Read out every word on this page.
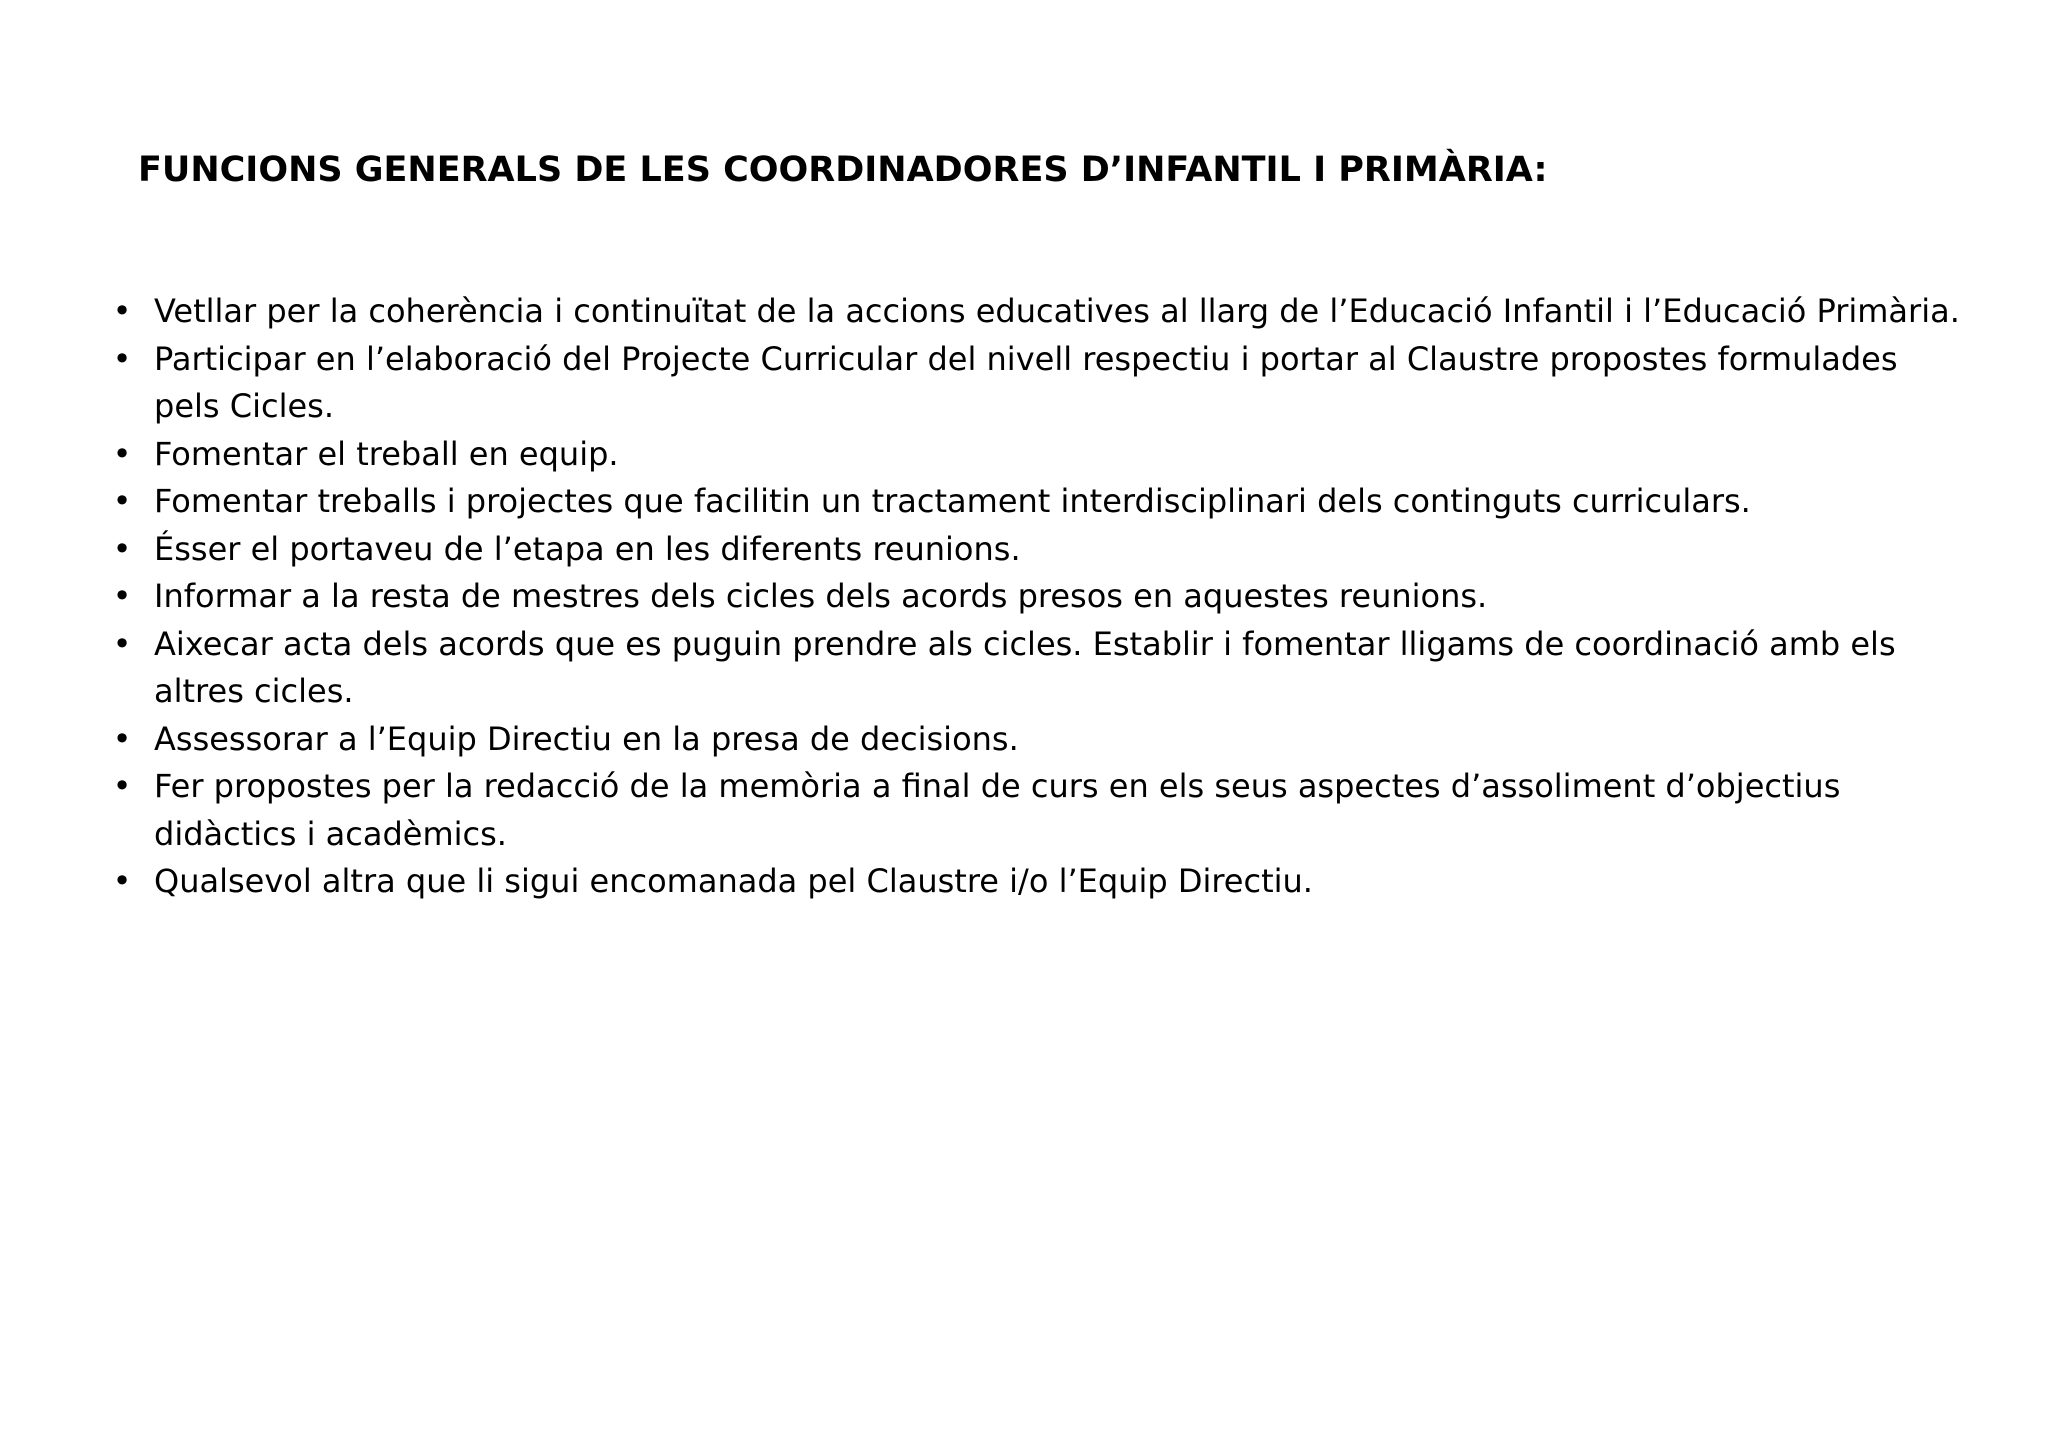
FUNCIONS GENERALS DE LES COORDINADORES D’INFANTIL I PRIMÀRIA:
• Vetllar per la coherència i continuïtat de la accions educatives al llarg de l’Educació Infantil i l’Educació Primària.
• Participar en l’elaboració del Projecte Curricular del nivell respectiu i portar al Claustre propostes formulades pels Cicles.
• Fomentar el treball en equip.
• Fomentar treballs i projectes que facilitin un tractament interdisciplinari dels continguts curriculars.
• Ésser el portaveu de l’etapa en les diferents reunions.
• Informar a la resta de mestres dels cicles dels acords presos en aquestes reunions.
• Aixecar acta dels acords que es puguin prendre als cicles. Establir i fomentar lligams de coordinació amb els altres cicles.
• Assessorar a l’Equip Directiu en la presa de decisions.
• Fer propostes per la redacció de la memòria a final de curs en els seus aspectes d’assoliment d’objectius didàctics i acadèmics.
• Qualsevol altra que li sigui encomanada pel Claustre i/o l’Equip Directiu.
